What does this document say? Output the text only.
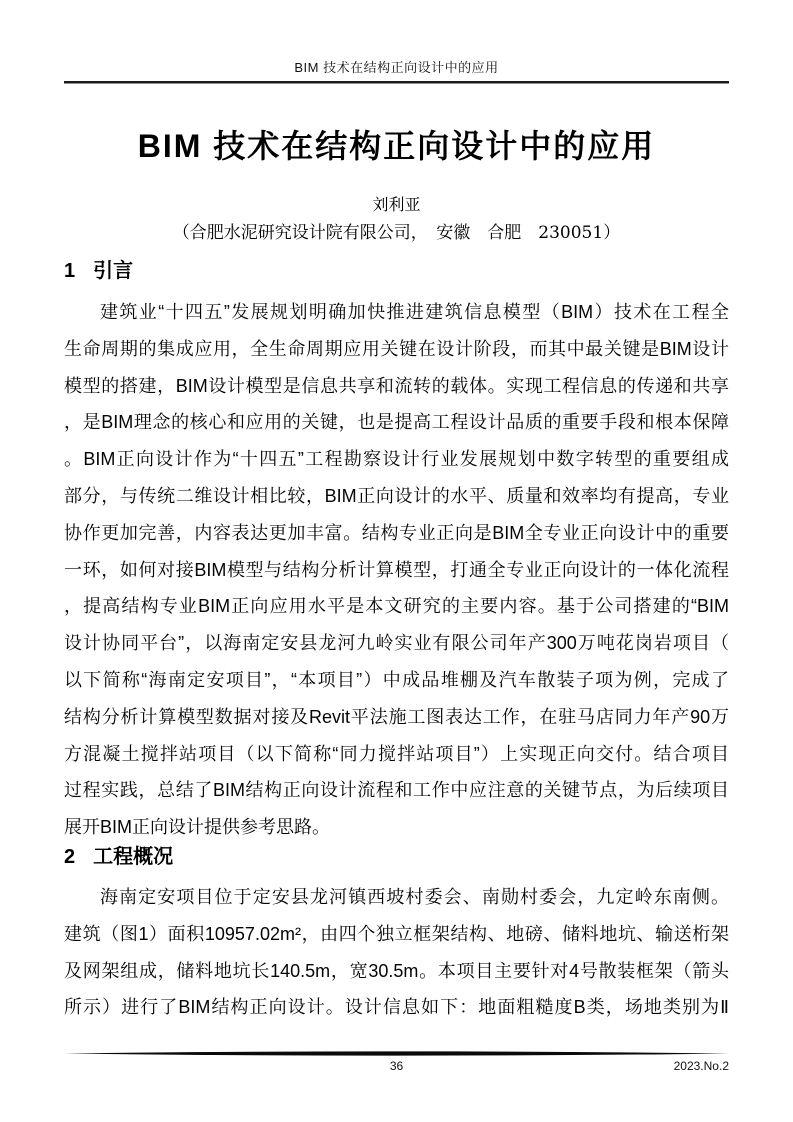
BIM 技术在结构正向设计中的应用
BIM 技术在结构正向设计中的应用
刘利亚
（合肥水泥研究设计院有限公司，　安徽　合肥　230051）
1 引言
建筑业“十四五”发展规划明确加快推进建筑信息模型（BIM）技术在工程全
生命周期的集成应用，全生命周期应用关键在设计阶段，而其中最关键是BIM设计
模型的搭建，BIM设计模型是信息共享和流转的载体。实现工程信息的传递和共享
，是BIM理念的核心和应用的关键，也是提高工程设计品质的重要手段和根本保障
。BIM正向设计作为“十四五”工程勘察设计行业发展规划中数字转型的重要组成
部分，与传统二维设计相比较，BIM正向设计的水平、质量和效率均有提高，专业
协作更加完善，内容表达更加丰富。结构专业正向是BIM全专业正向设计中的重要
一环，如何对接BIM模型与结构分析计算模型，打通全专业正向设计的一体化流程
，提高结构专业BIM正向应用水平是本文研究的主要内容。基于公司搭建的“BIM
设计协同平台”，以海南定安县龙河九岭实业有限公司年产300万吨花岗岩项目（
以下简称“海南定安项目”，“本项目”）中成品堆棚及汽车散装子项为例，完成了
结构分析计算模型数据对接及Revit平法施工图表达工作，在驻马店同力年产90万
方混凝土搅拌站项目（以下简称“同力搅拌站项目”）上实现正向交付。结合项目
过程实践，总结了BIM结构正向设计流程和工作中应注意的关键节点，为后续项目
展开BIM正向设计提供参考思路。
2 工程概况
海南定安项目位于定安县龙河镇西坡村委会、南勋村委会，九定岭东南侧。
建筑（图1）面积10957.02m²，由四个独立框架结构、地磅、储料地坑、输送桁架
及网架组成，储料地坑长140.5m，宽30.5m。本项目主要针对4号散装框架（箭头
所示）进行了BIM结构正向设计。设计信息如下：地面粗糙度B类，场地类别为Ⅱ
36	2023.No.2
